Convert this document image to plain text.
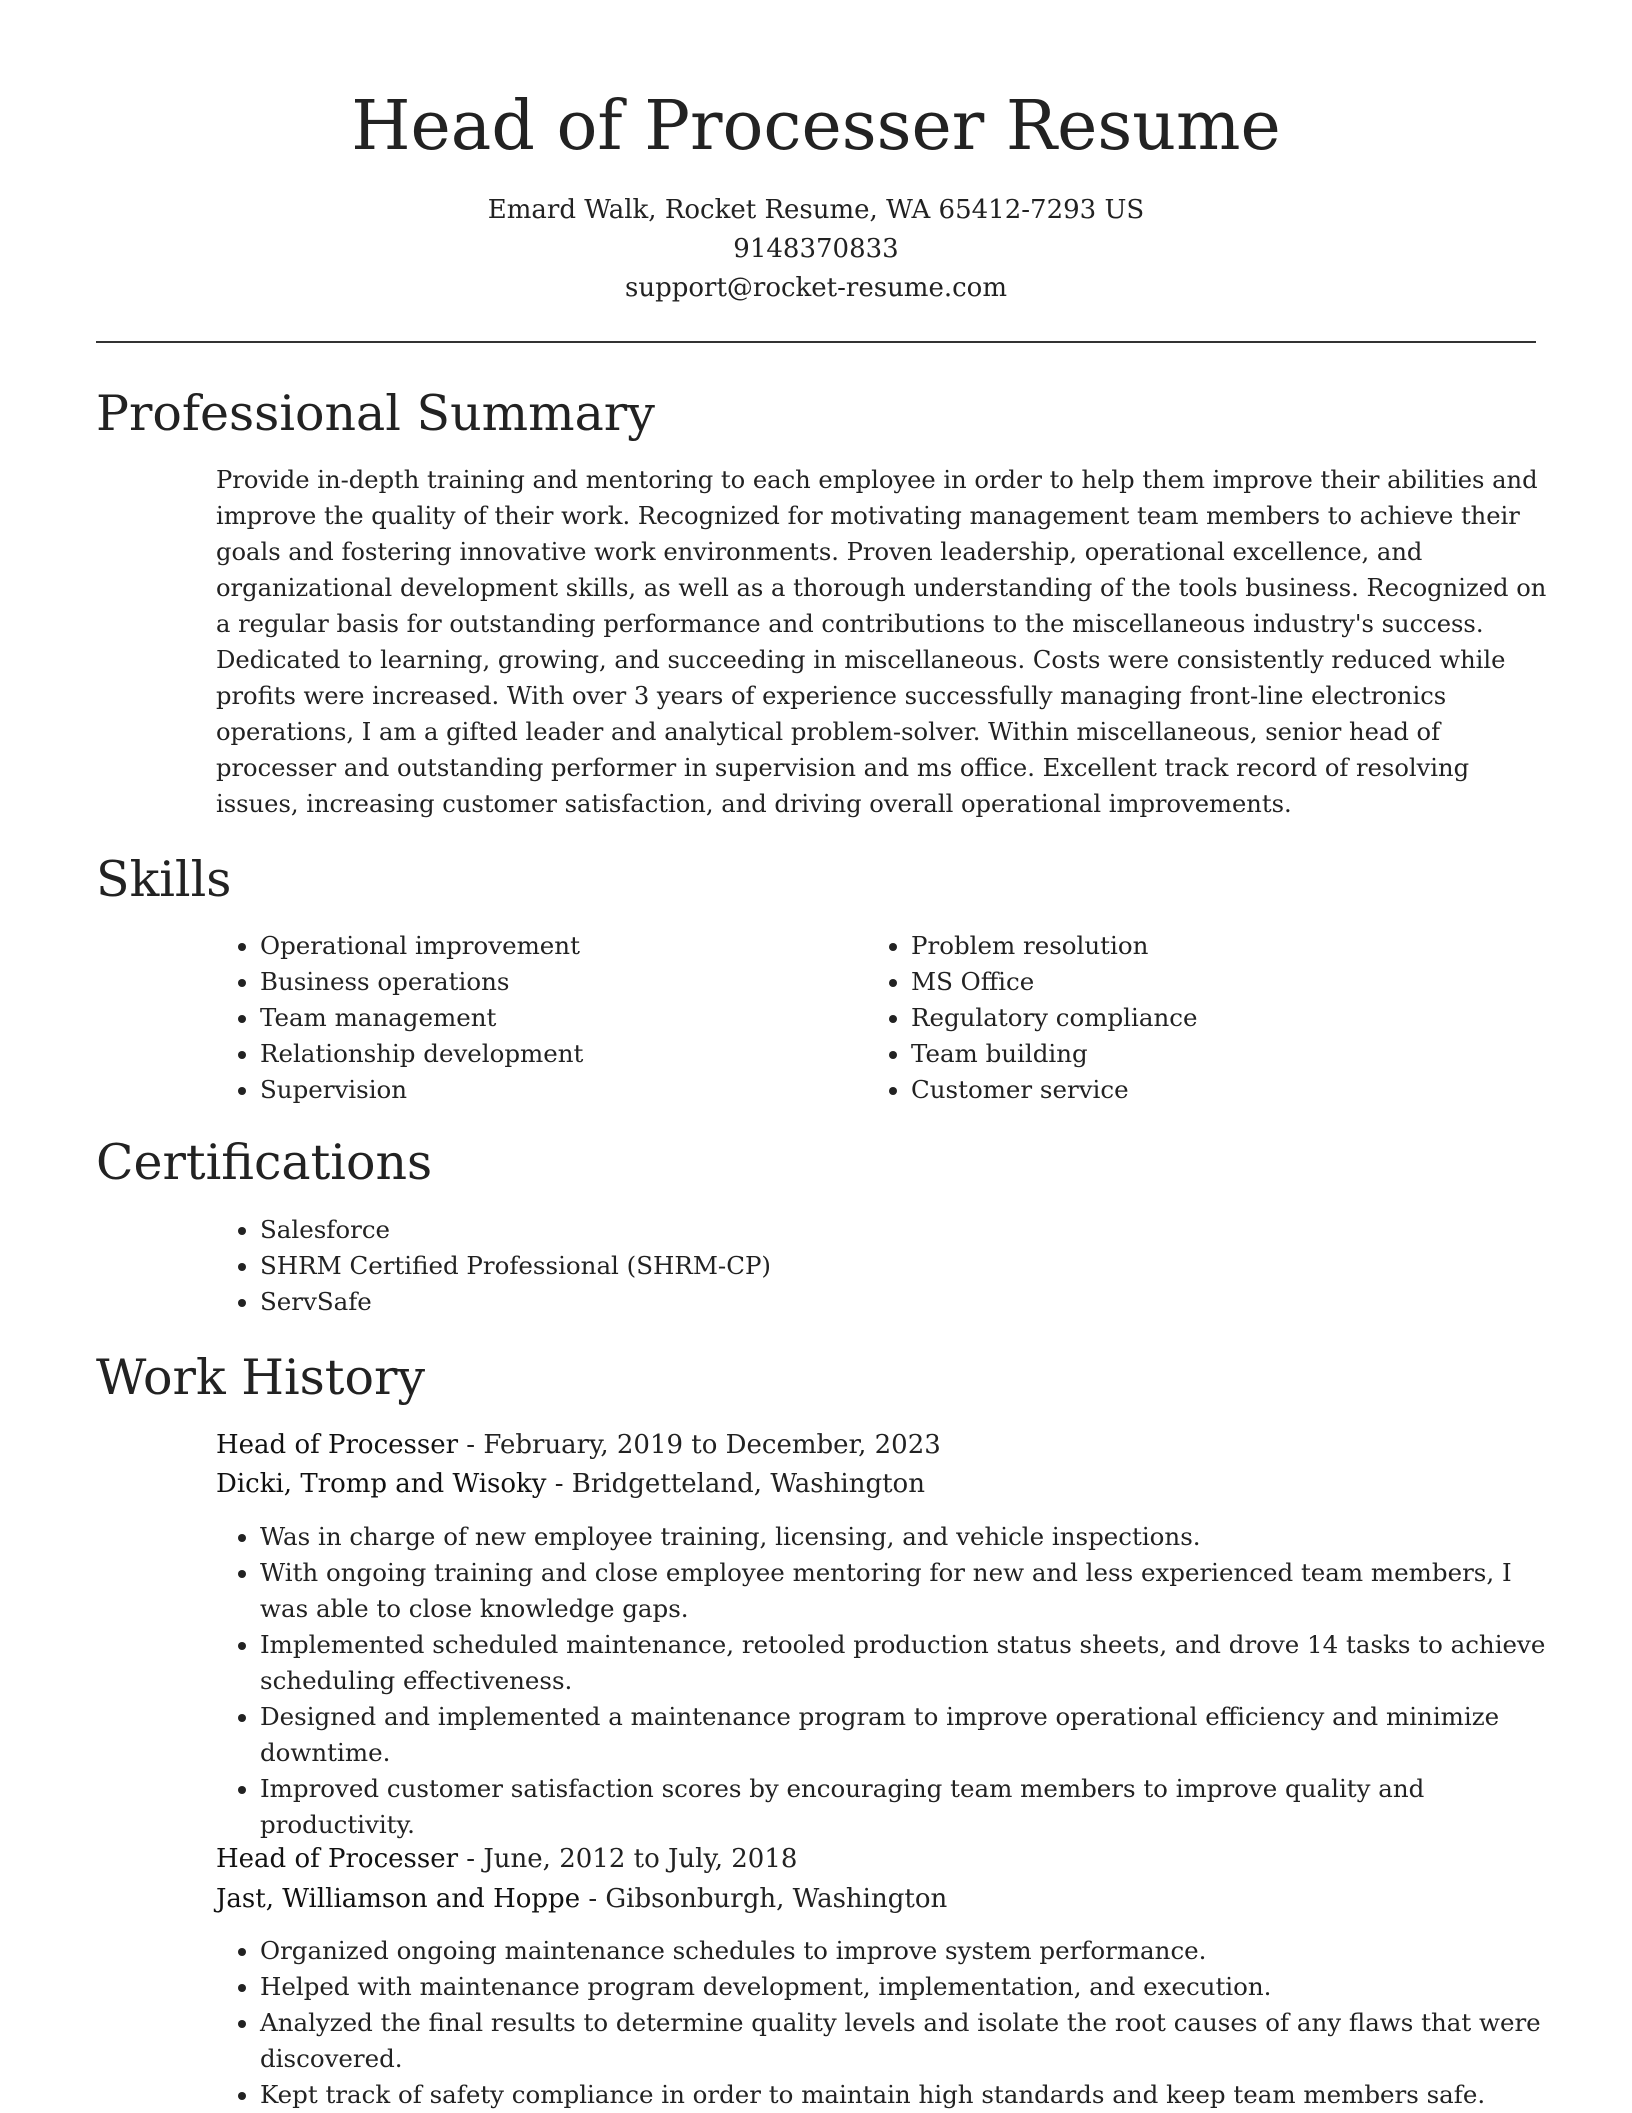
Head of Processer Resume
Emard Walk, Rocket Resume, WA 65412-7293 US
9148370833
support@rocket-resume.com
Professional Summary

Provide in-depth training and mentoring to each employee in order to help them improve their abilities and improve the quality of their work. Recognized for motivating management team members to achieve their goals and fostering innovative work environments. Proven leadership, operational excellence, and organizational development skills, as well as a thorough understanding of the tools business. Recognized on a regular basis for outstanding performance and contributions to the miscellaneous industry's success. Dedicated to learning, growing, and succeeding in miscellaneous. Costs were consistently reduced while profits were increased. With over 3 years of experience successfully managing front-line electronics operations, I am a gifted leader and analytical problem-solver. Within miscellaneous, senior head of processer and outstanding performer in supervision and ms office. Excellent track record of resolving issues, increasing customer satisfaction, and driving overall operational improvements.

Skills
• Operational improvement
• Business operations
• Team management
• Relationship development
• Supervision
• Problem resolution
• MS Office
• Regulatory compliance
• Team building
• Customer service
Certifications
• Salesforce
• SHRM Certified Professional (SHRM-CP)
• ServSafe
Work History
Head of Processer - February, 2019 to December, 2023
Dicki, Tromp and Wisoky - Bridgetteland, Washington
• Was in charge of new employee training, licensing, and vehicle inspections.
• With ongoing training and close employee mentoring for new and less experienced team members, I was able to close knowledge gaps.
• Implemented scheduled maintenance, retooled production status sheets, and drove 14 tasks to achieve scheduling effectiveness.
• Designed and implemented a maintenance program to improve operational efficiency and minimize downtime.
• Improved customer satisfaction scores by encouraging team members to improve quality and productivity.
Head of Processer - June, 2012 to July, 2018
Jast, Williamson and Hoppe - Gibsonburgh, Washington
• Organized ongoing maintenance schedules to improve system performance.
• Helped with maintenance program development, implementation, and execution.
• Analyzed the final results to determine quality levels and isolate the root causes of any flaws that were discovered.
• Kept track of safety compliance in order to maintain high standards and keep team members safe.
